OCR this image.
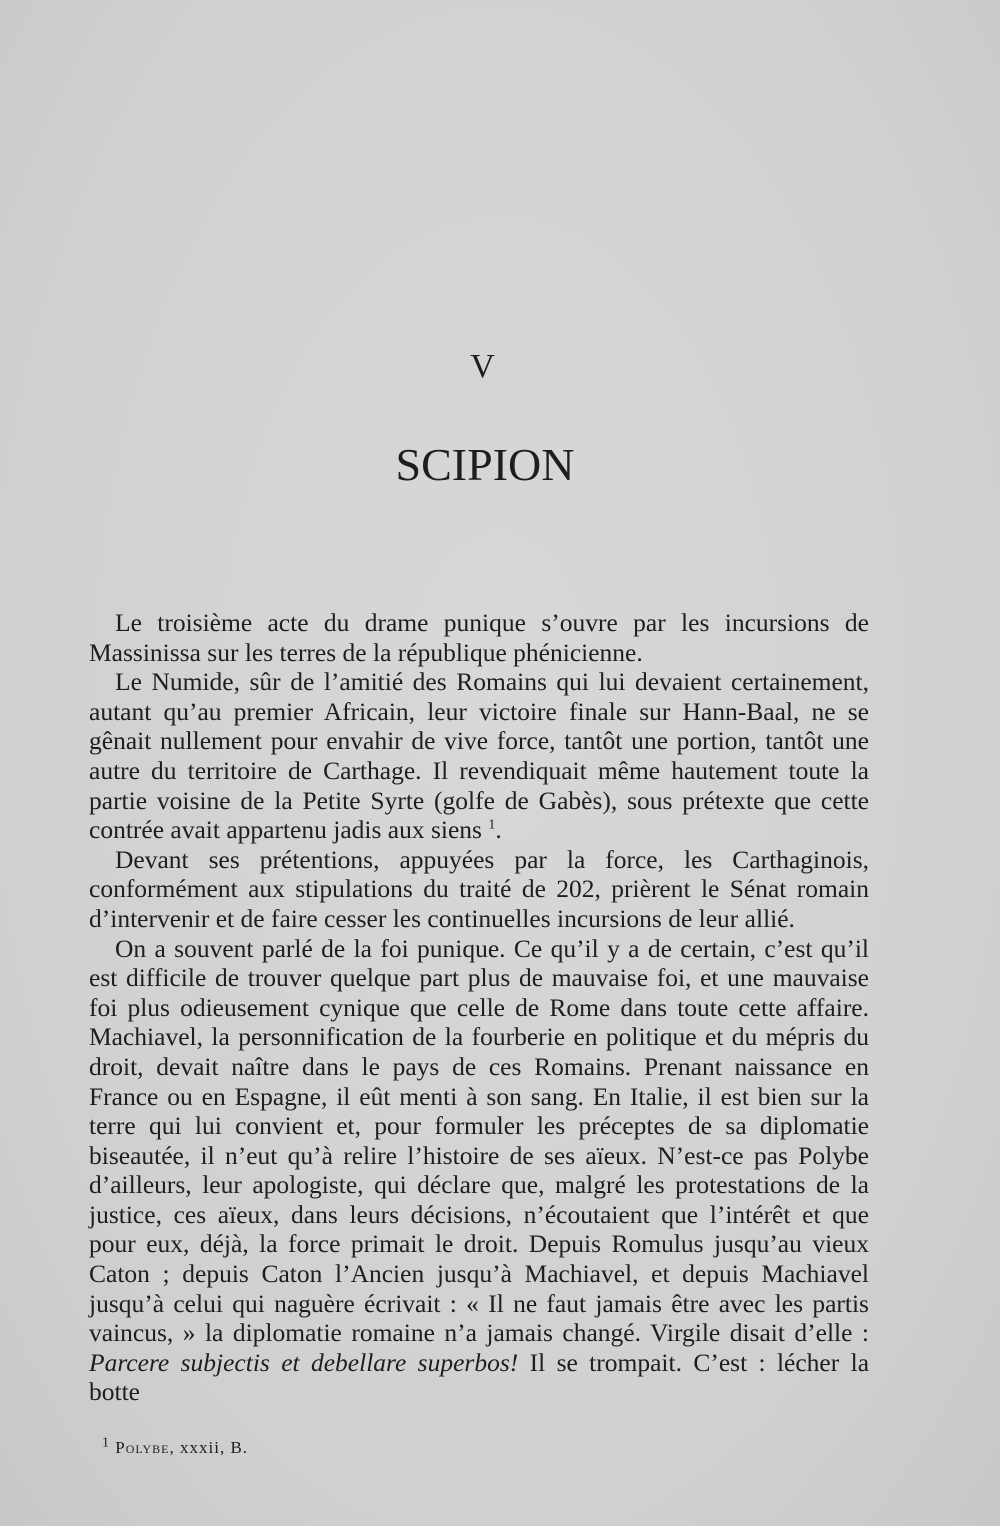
V
SCIPION

Le troisième acte du drame punique s’ouvre par les incursions de Massinissa sur les terres de la république phénicienne.

Le Numide, sûr de l’amitié des Romains qui lui devaient certainement, autant qu’au premier Africain, leur victoire finale sur Hann-Baal, ne se gênait nullement pour envahir de vive force, tantôt une portion, tantôt une autre du territoire de Carthage. Il revendiquait même hautement toute la partie voisine de la Petite Syrte (golfe de Gabès), sous prétexte que cette contrée avait appartenu jadis aux siens $^1$.

Devant ses prétentions, appuyées par la force, les Carthaginois, conformément aux stipulations du traité de 202, prièrent le Sénat romain d’intervenir et de faire cesser les continuelles incursions de leur allié.

On a souvent parlé de la foi punique. Ce qu’il y a de certain, c’est qu’il est difficile de trouver quelque part plus de mauvaise foi, et une mauvaise foi plus odieusement cynique que celle de Rome dans toute cette affaire. Machiavel, la personnification de la fourberie en politique et du mépris du droit, devait naître dans le pays de ces Romains. Prenant naissance en France ou en Espagne, il eût menti à son sang. En Italie, il est bien sur la terre qui lui convient et, pour formuler les préceptes de sa diplomatie biseautée, il n’eut qu’à relire l’histoire de ses aïeux. N’est-ce pas Polybe d’ailleurs, leur apologiste, qui déclare que, malgré les protestations de la justice, ces aïeux, dans leurs décisions, n’écoutaient que l’intérêt et que pour eux, déjà, la force primait le droit. Depuis Romulus jusqu’au vieux Caton ; depuis Caton l’Ancien jusqu’à Machiavel, et depuis Machiavel jusqu’à celui qui naguère écrivait : « Il ne faut jamais être avec les partis vaincus, » la diplomatie romaine n’a jamais changé. Virgile disait d’elle : Parcere subjectis et debellare superbos! Il se trompait. C’est : lécher la botte

$^1$ Polybe, xxxii, B.
